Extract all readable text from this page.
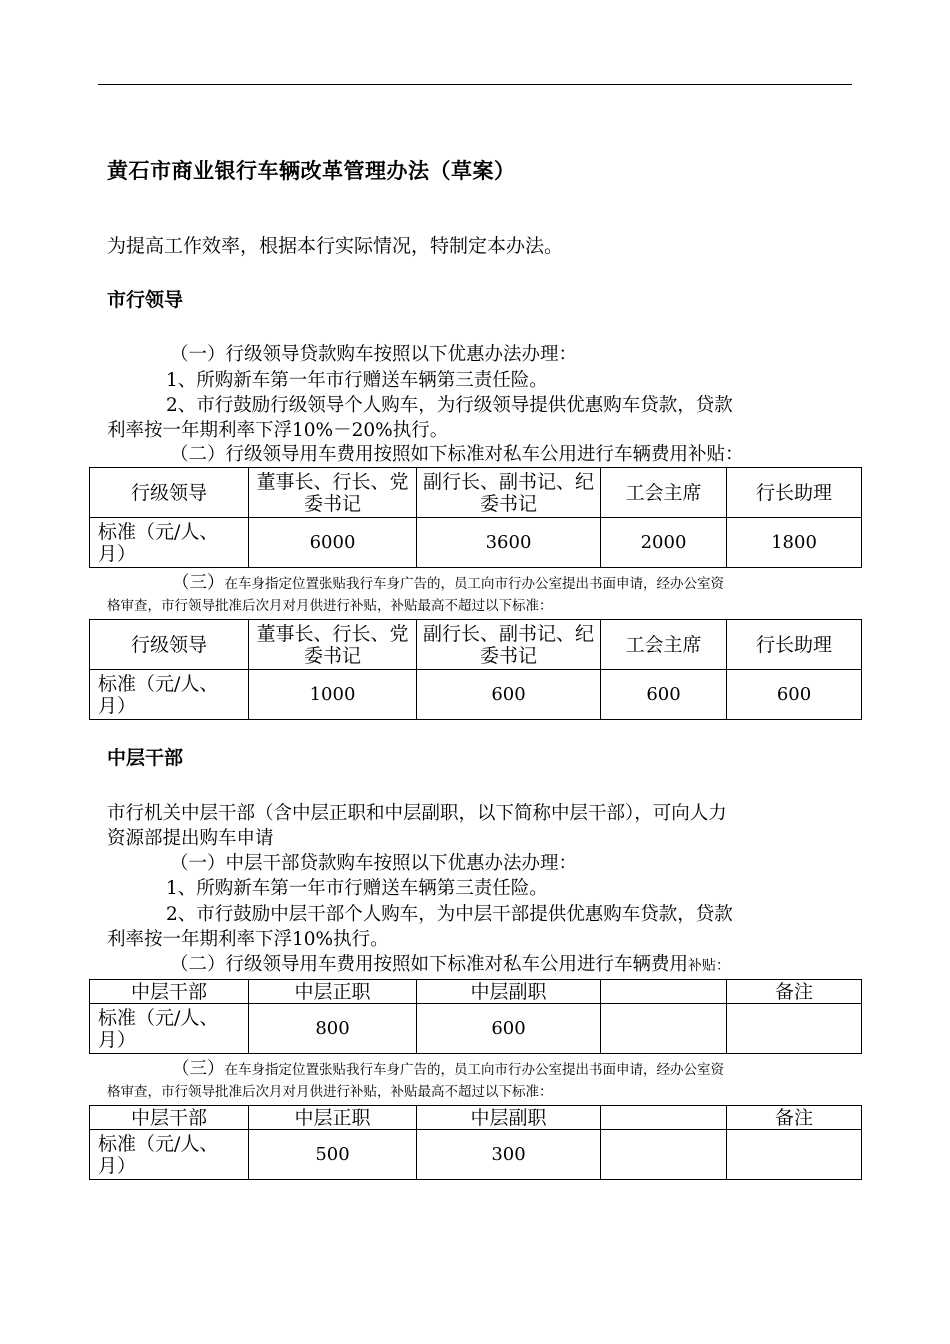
黄石市商业银行车辆改革管理办法（草案）
为提高工作效率，根据本行实际情况，特制定本办法。
市行领导
（一）行级领导贷款购车按照以下优惠办法办理：
1、所购新车第一年市行赠送车辆第三责任险。
2、市行鼓励行级领导个人购车，为行级领导提供优惠购车贷款，贷款
利率按一年期利率下浮10%－20%执行。
（二）行级领导用车费用按照如下标准对私车公用进行车辆费用补贴：
行级领导	董事长、行长、党委书记	副行长、副书记、纪委书记	工会主席	行长助理
标准（元/人、月）	6000	3600	2000	1800
（三）在车身指定位置张贴我行车身广告的，员工向市行办公室提出书面申请，经办公室资
格审查，市行领导批准后次月对月供进行补贴，补贴最高不超过以下标准：
行级领导	董事长、行长、党委书记	副行长、副书记、纪委书记	工会主席	行长助理
标准（元/人、月）	1000	600	600	600
中层干部
市行机关中层干部（含中层正职和中层副职，以下简称中层干部），可向人力
资源部提出购车申请
（一）中层干部贷款购车按照以下优惠办法办理：
1、所购新车第一年市行赠送车辆第三责任险。
2、市行鼓励中层干部个人购车，为中层干部提供优惠购车贷款，贷款
利率按一年期利率下浮10%执行。
（二）行级领导用车费用按照如下标准对私车公用进行车辆费用补贴：
中层干部	中层正职	中层副职		备注
标准（元/人、月）	800	600		
（三）在车身指定位置张贴我行车身广告的，员工向市行办公室提出书面申请，经办公室资
格审查，市行领导批准后次月对月供进行补贴，补贴最高不超过以下标准：
中层干部	中层正职	中层副职		备注
标准（元/人、月）	500	300		
